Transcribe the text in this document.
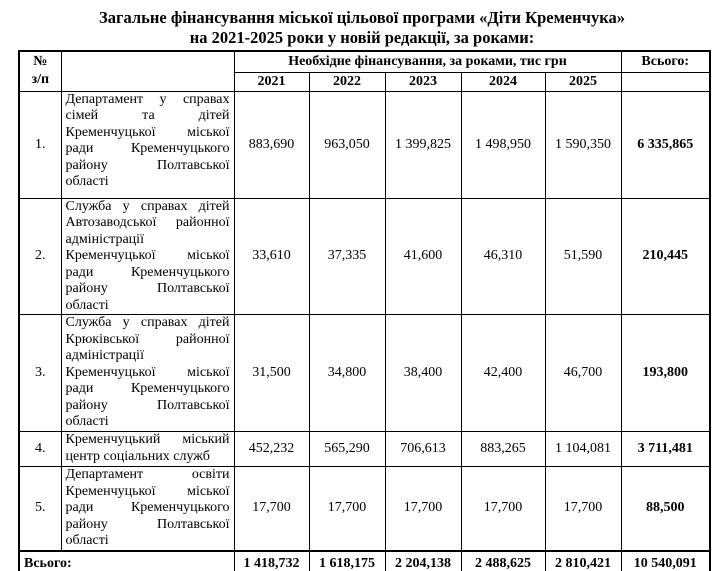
Загальне фінансування міської цільової програми «Діти Кременчука»
на 2021-2025 роки у новій редакції, за роками:
№
з/п		Необхідне фінансування, за роками, тис грн					Всього:
		2021	2022	2023	2024	2025	
1.	Департамент у справах сімей та дітей Кременчуцької міської ради Кременчуцького району Полтавської області	883,690	963,050	1 399,825	1 498,950	1 590,350	6 335,865
2.	Служба у справах дітей Автозаводської районної адміністрації Кременчуцької міської ради Кременчуцького району Полтавської області	33,610	37,335	41,600	46,310	51,590	210,445
3.	Служба у справах дітей Крюківської районної адміністрації Кременчуцької міської ради Кременчуцького району Полтавської області	31,500	34,800	38,400	42,400	46,700	193,800
4.	Кременчуцький міський центр соціальних служб	452,232	565,290	706,613	883,265	1 104,081	3 711,481
5.	Департамент освіти Кременчуцької міської ради Кременчуцького району Полтавської області	17,700	17,700	17,700	17,700	17,700	88,500
Всього:		1 418,732	1 618,175	2 204,138	2 488,625	2 810,421	10 540,091
